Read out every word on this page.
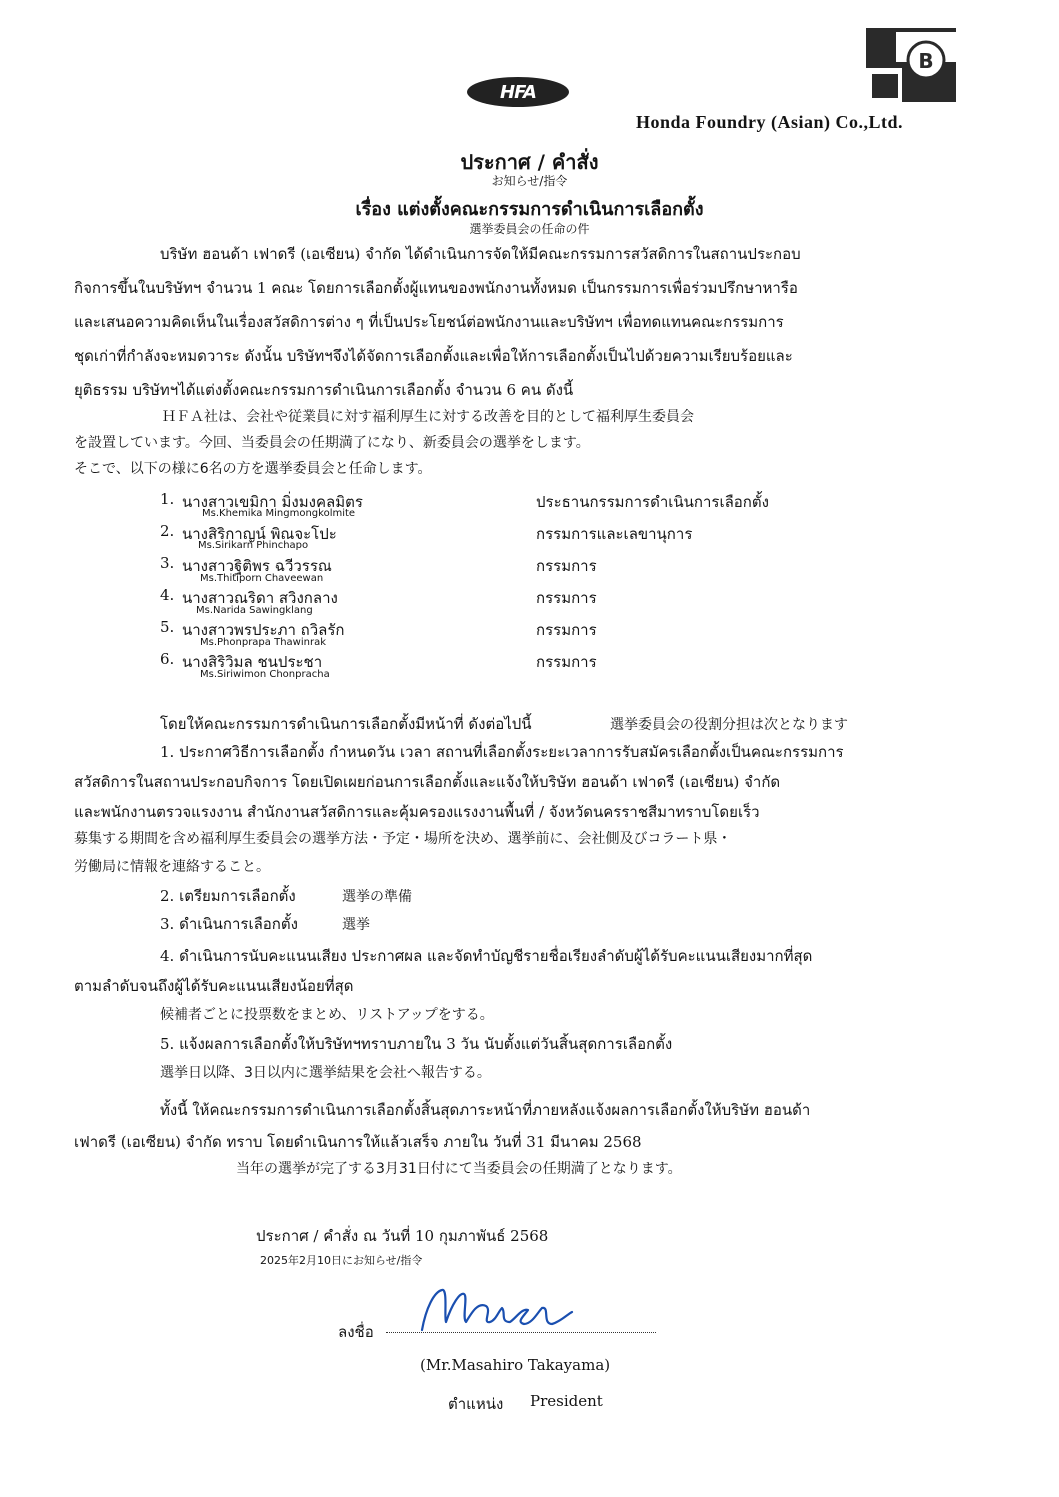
HFA
B
Honda Foundry (Asian) Co.,Ltd.
ประกาศ / คำสั่ง
お知らせ/指令
เรื่อง แต่งตั้งคณะกรรมการดำเนินการเลือกตั้ง
選挙委員会の任命の件
บริษัท ฮอนด้า เฟาดรี (เอเซียน) จำกัด ได้ดำเนินการจัดให้มีคณะกรรมการสวัสดิการในสถานประกอบ
กิจการขึ้นในบริษัทฯ จำนวน 1 คณะ โดยการเลือกตั้งผู้แทนของพนักงานทั้งหมด เป็นกรรมการเพื่อร่วมปรึกษาหารือ
และเสนอความคิดเห็นในเรื่องสวัสดิการต่าง ๆ ที่เป็นประโยชน์ต่อพนักงานและบริษัทฯ เพื่อทดแทนคณะกรรมการ
ชุดเก่าที่กำลังจะหมดวาระ ดังนั้น บริษัทฯจึงได้จัดการเลือกตั้งและเพื่อให้การเลือกตั้งเป็นไปด้วยความเรียบร้อยและ
ยุติธรรม บริษัทฯได้แต่งตั้งคณะกรรมการดำเนินการเลือกตั้ง จำนวน 6 คน ดังนี้
ＨＦＡ社は、会社や従業員に対す福利厚生に対する改善を目的として福利厚生委員会
を設置しています。今回、当委員会の任期満了になり、新委員会の選挙をします。
そこで、以下の様に6名の方を選挙委員会と任命します。
1. นางสาวเขมิกา มิ่งมงคลมิตร
Ms.Khemika Mingmongkolmite
ประธานกรรมการดำเนินการเลือกตั้ง
2. นางสิริกาญน์ พิณจะโปะ
Ms.Sirikarn Phinchapo
กรรมการและเลขานุการ
3. นางสาวฐิติพร ฉวีวรรณ
Ms.Thitiporn Chaveewan
กรรมการ
4. นางสาวณริดา สวิงกลาง
Ms.Narida Sawingklang
กรรมการ
5. นางสาวพรประภา ถวิลรัก
Ms.Phonprapa Thawinrak
กรรมการ
6. นางสิริวิมล ชนประชา
Ms.Siriwimon Chonpracha
กรรมการ
โดยให้คณะกรรมการดำเนินการเลือกตั้งมีหน้าที่ ดังต่อไปนี้	選挙委員会の役割分担は次となります
1. ประกาศวิธีการเลือกตั้ง กำหนดวัน เวลา สถานที่เลือกตั้งระยะเวลาการรับสมัครเลือกตั้งเป็นคณะกรรมการ
สวัสดิการในสถานประกอบกิจการ โดยเปิดเผยก่อนการเลือกตั้งและแจ้งให้บริษัท ฮอนด้า เฟาดรี (เอเซียน) จำกัด
และพนักงานตรวจแรงงาน สำนักงานสวัสดิการและคุ้มครองแรงงานพื้นที่ / จังหวัดนครราชสีมาทราบโดยเร็ว
募集する期間を含め福利厚生委員会の選挙方法・予定・場所を決め、選挙前に、会社側及びコラート県・
労働局に情報を連絡すること。
2. เตรียมการเลือกตั้ง	選挙の準備
3. ดำเนินการเลือกตั้ง	選挙
4. ดำเนินการนับคะแนนเสียง ประกาศผล และจัดทำบัญชีรายชื่อเรียงลำดับผู้ได้รับคะแนนเสียงมากที่สุด
ตามลำดับจนถึงผู้ได้รับคะแนนเสียงน้อยที่สุด
候補者ごとに投票数をまとめ、リストアップをする。
5. แจ้งผลการเลือกตั้งให้บริษัทฯทราบภายใน 3 วัน นับตั้งแต่วันสิ้นสุดการเลือกตั้ง
選挙日以降、3日以内に選挙結果を会社へ報告する。
ทั้งนี้ ให้คณะกรรมการดำเนินการเลือกตั้งสิ้นสุดภาระหน้าที่ภายหลังแจ้งผลการเลือกตั้งให้บริษัท ฮอนด้า
เฟาดรี (เอเซียน) จำกัด ทราบ โดยดำเนินการให้แล้วเสร็จ ภายใน วันที่ 31 มีนาคม 2568
当年の選挙が完了する3月31日付にて当委員会の任期満了となります。
ประกาศ / คำสั่ง ณ วันที่ 10 กุมภาพันธ์ 2568
2025年2月10日にお知らせ/指令
ลงชื่อ
(Mr.Masahiro Takayama)
ตำแหน่ง President
